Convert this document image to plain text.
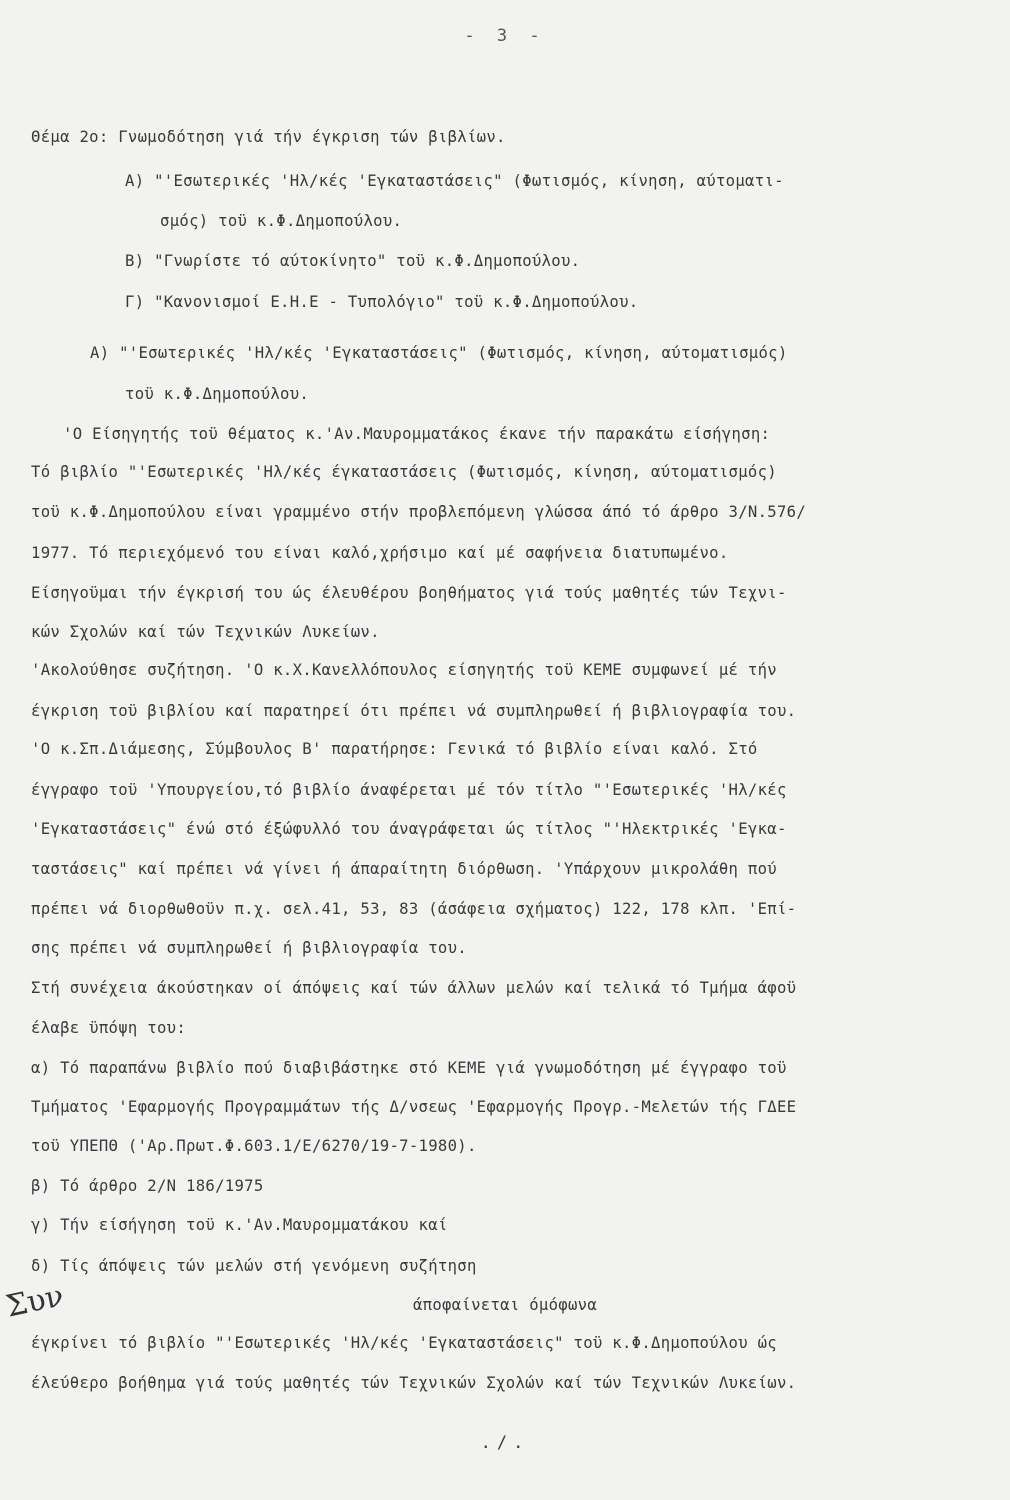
- 3 -
Θέμα 2ο: Γνωμοδότηση γιά τήν έγκριση τών βιβλίων.
Α) "'Εσωτερικές 'Ηλ/κές 'Εγκαταστάσεις" (Φωτισμός, κίνηση, αύτοματι-
σμός) τοϋ κ.Φ.Δημοπούλου.
Β) "Γνωρίστε τό αύτοκίνητο" τοϋ κ.Φ.Δημοπούλου.
Γ) "Κανονισμοί Ε.Η.Ε - Τυπολόγιο" τοϋ κ.Φ.Δημοπούλου.
Α) "'Εσωτερικές 'Ηλ/κές 'Εγκαταστάσεις" (Φωτισμός, κίνηση, αύτοματισμός)
τοϋ κ.Φ.Δημοπούλου.
'Ο Είσηγητής τοϋ θέματος κ.'Αν.Μαυρομματάκος έκανε τήν παρακάτω είσήγηση:
Τό βιβλίο "'Εσωτερικές 'Ηλ/κές έγκαταστάσεις (Φωτισμός, κίνηση, αύτοματισμός)
τοϋ κ.Φ.Δημοπούλου είναι γραμμένο στήν προβλεπόμενη γλώσσα άπό τό άρθρο 3/Ν.576/
1977. Τό περιεχόμενό του είναι καλό,χρήσιμο καί μέ σαφήνεια διατυπωμένο.
Είσηγοϋμαι τήν έγκρισή του ώς έλευθέρου βοηθήματος γιά τούς μαθητές τών Τεχνι-
κών Σχολών καί τών Τεχνικών Λυκείων.
'Ακολούθησε συζήτηση. 'Ο κ.Χ.Κανελλόπουλος είσηγητής τοϋ ΚΕΜΕ συμφωνεί μέ τήν
έγκριση τοϋ βιβλίου καί παρατηρεί ότι πρέπει νά συμπληρωθεί ή βιβλιογραφία του.
'Ο κ.Σπ.Διάμεσης, Σύμβουλος Β' παρατήρησε: Γενικά τό βιβλίο είναι καλό. Στό
έγγραφο τοϋ 'Υπουργείου,τό βιβλίο άναφέρεται μέ τόν τίτλο "'Εσωτερικές 'Ηλ/κές
'Εγκαταστάσεις" ένώ στό έξώφυλλό του άναγράφεται ώς τίτλος "'Ηλεκτρικές 'Εγκα-
ταστάσεις" καί πρέπει νά γίνει ή άπαραίτητη διόρθωση. 'Υπάρχουν μικρολάθη πού
πρέπει νά διορθωθοϋν π.χ. σελ.41, 53, 83 (άσάφεια σχήματος) 122, 178 κλπ. 'Επί-
σης πρέπει νά συμπληρωθεί ή βιβλιογραφία του.
Στή συνέχεια άκούστηκαν οί άπόψεις καί τών άλλων μελών καί τελικά τό Τμήμα άφοϋ
έλαβε ϋπόψη του:
α) Τό παραπάνω βιβλίο πού διαβιβάστηκε στό ΚΕΜΕ γιά γνωμοδότηση μέ έγγραφο τοϋ
Τμήματος 'Εφαρμογής Προγραμμάτων τής Δ/νσεως 'Εφαρμογής Προγρ.-Μελετών τής ΓΔΕΕ
τοϋ ΥΠΕΠΘ ('Αρ.Πρωτ.Φ.603.1/Ε/6270/19-7-1980).
β) Τό άρθρο 2/Ν 186/1975
γ) Τήν είσήγηση τοϋ κ.'Αν.Μαυρομματάκου καί
δ) Τίς άπόψεις τών μελών στή γενόμενη συζήτηση
άποφαίνεται όμόφωνα
Συν
έγκρίνει τό βιβλίο "'Εσωτερικές 'Ηλ/κές 'Εγκαταστάσεις" τοϋ κ.Φ.Δημοπούλου ώς
έλεύθερο βοήθημα γιά τούς μαθητές τών Τεχνικών Σχολών καί τών Τεχνικών Λυκείων.
./.
